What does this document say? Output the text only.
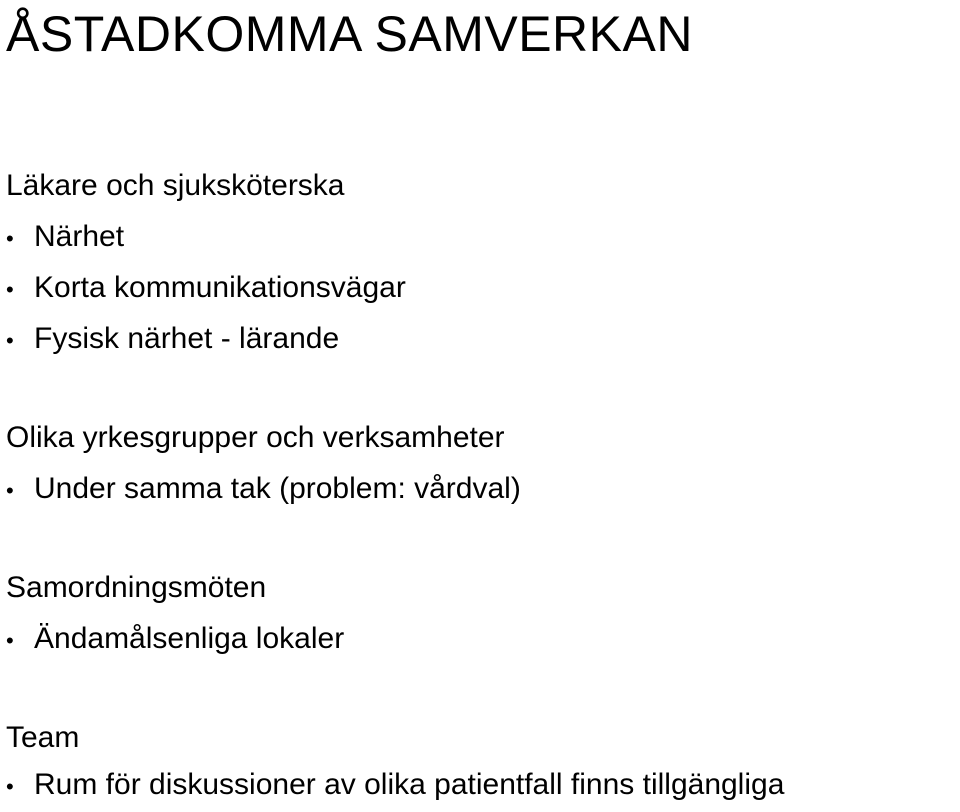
ÅSTADKOMMA SAMVERKAN
Läkare och sjuksköterska
• Närhet
• Korta kommunikationsvägar
• Fysisk närhet - lärande
Olika yrkesgrupper och verksamheter
• Under samma tak (problem: vårdval)
Samordningsmöten
• Ändamålsenliga lokaler
Team
• Rum för diskussioner av olika patientfall finns tillgängliga
